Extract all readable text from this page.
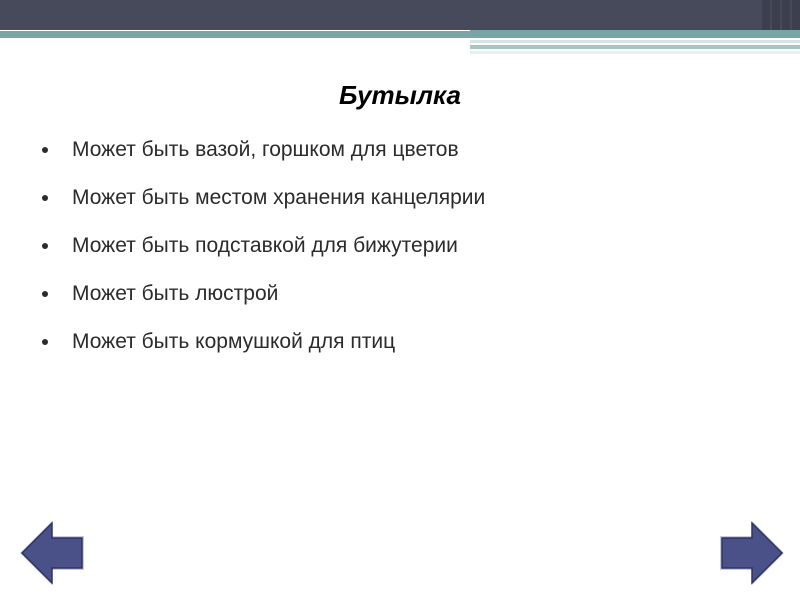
Бутылка
Может быть вазой, горшком для цветов
Может быть местом хранения канцелярии
Может быть подставкой для бижутерии
Может быть люстрой
Может быть кормушкой для птиц
